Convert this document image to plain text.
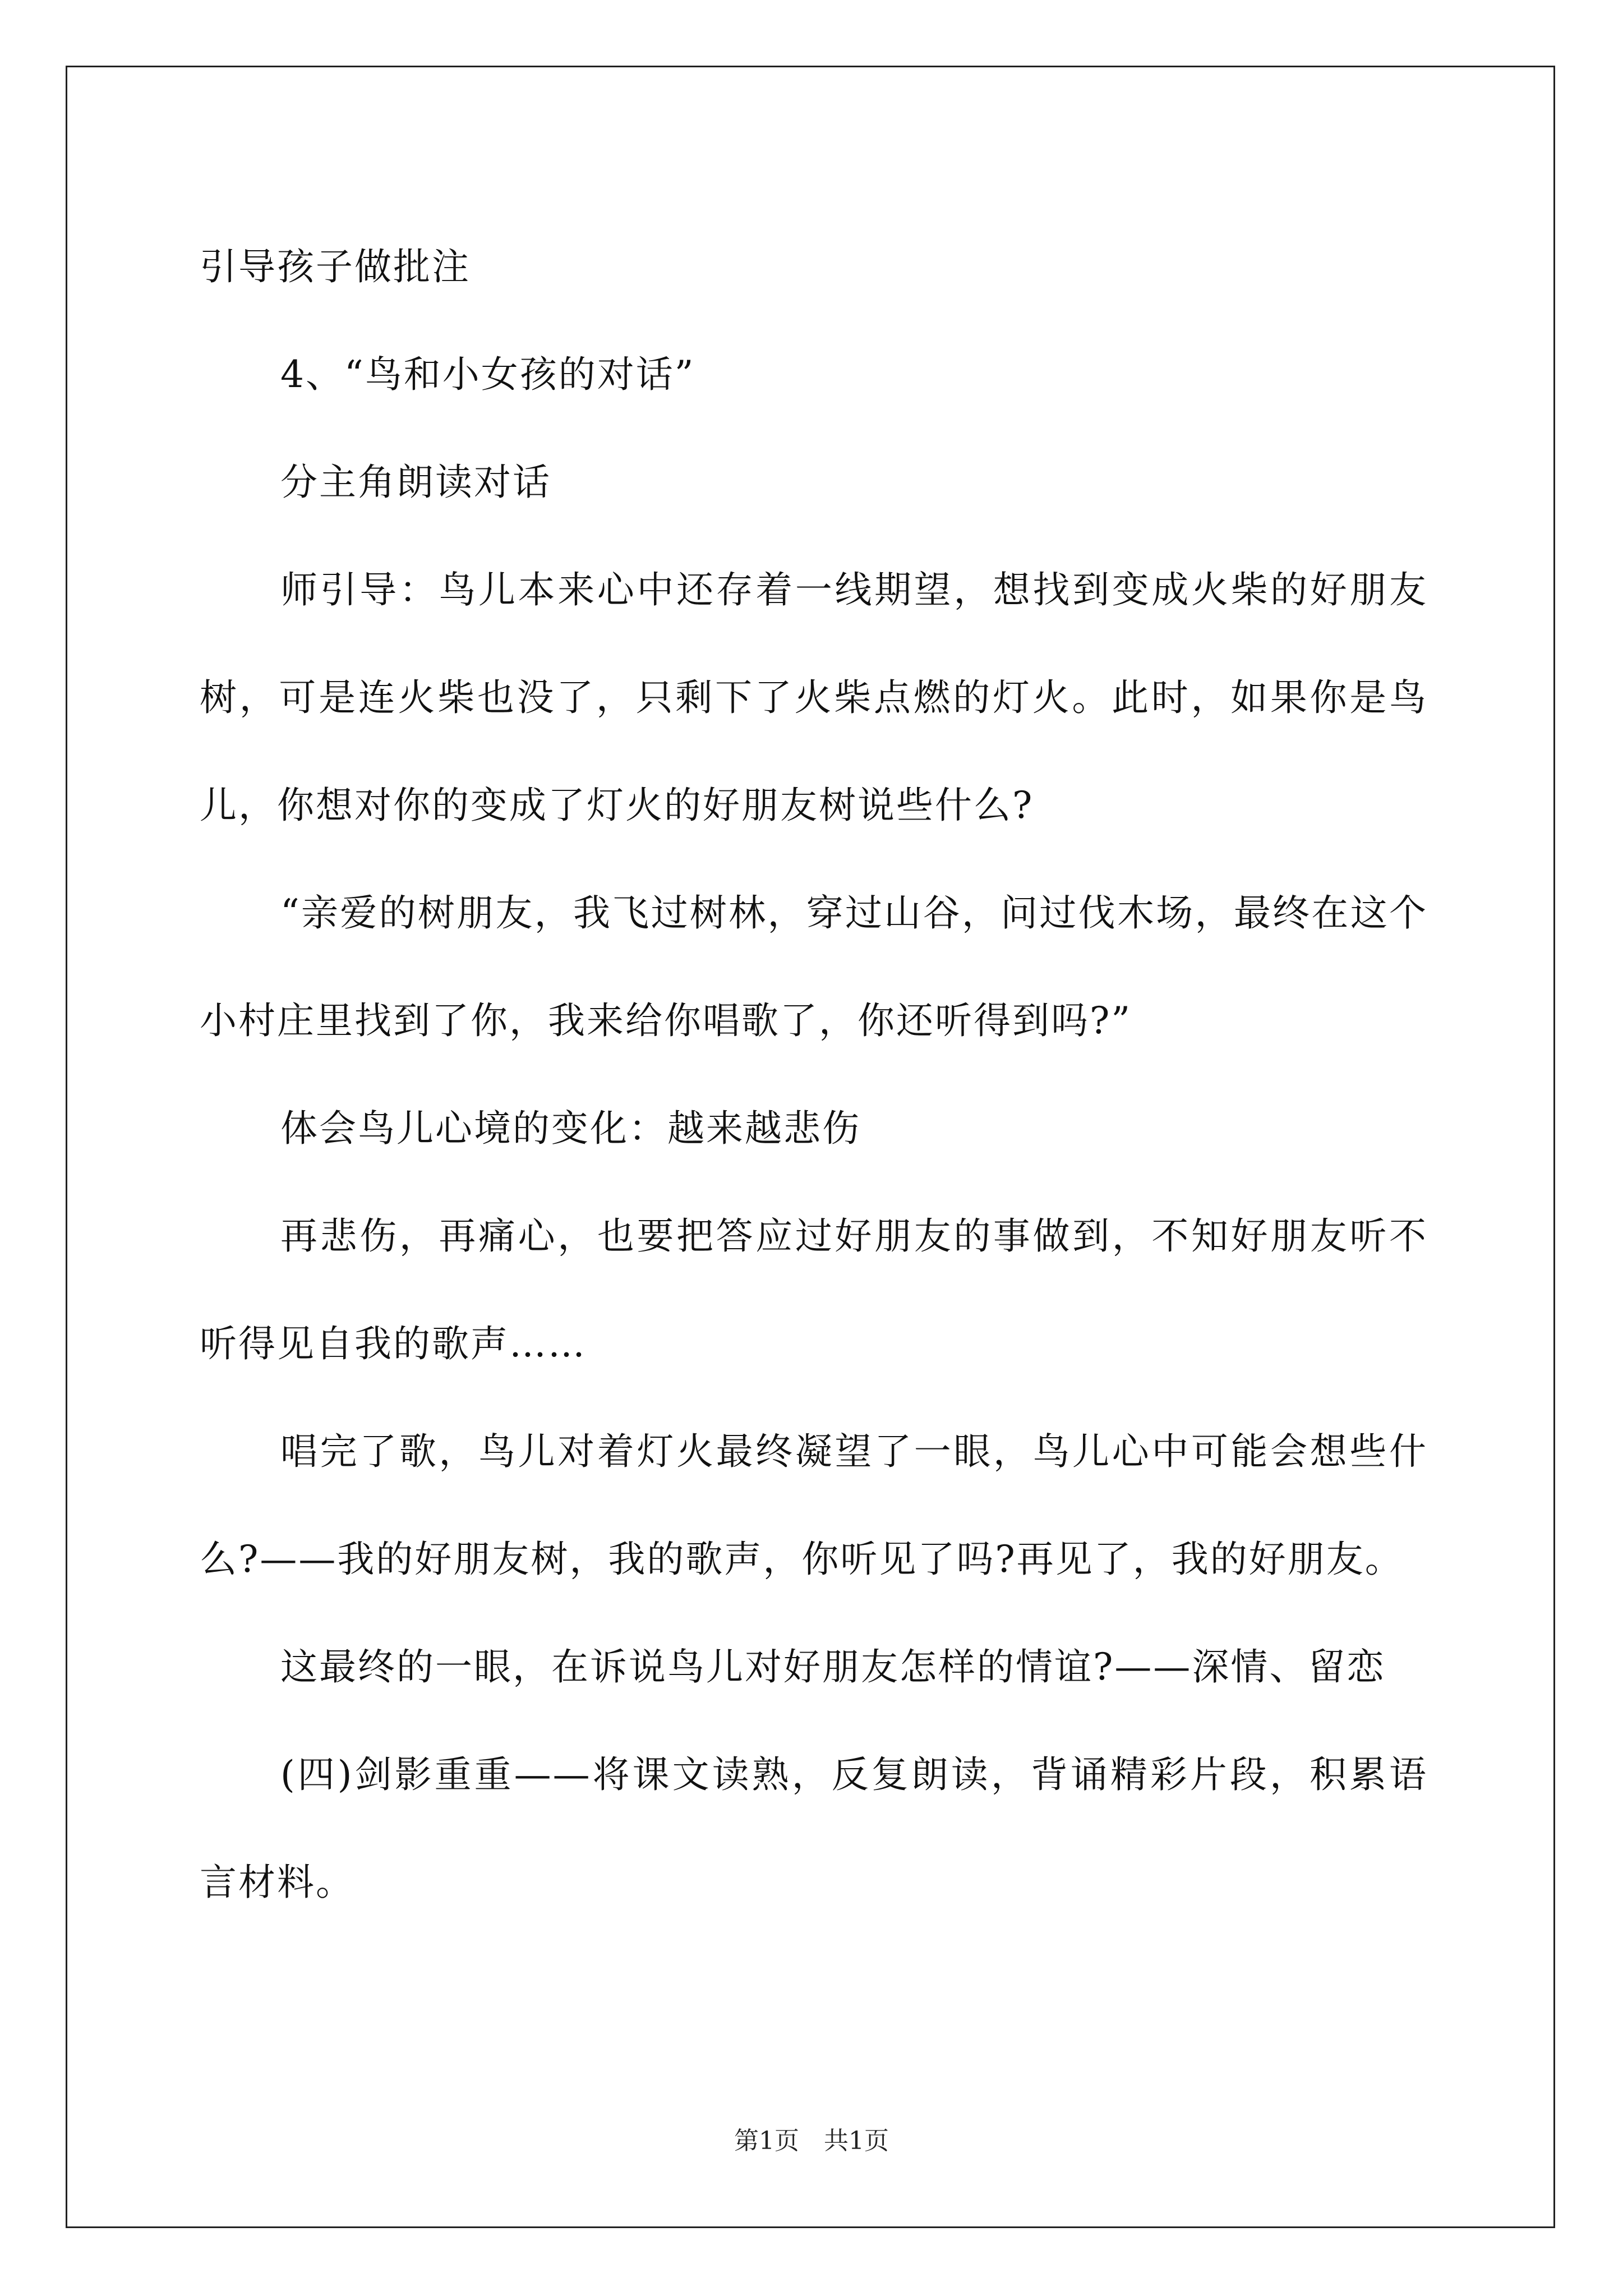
引导孩子做批注

4、“鸟和小女孩的对话”

分主角朗读对话

师引导：鸟儿本来心中还存着一线期望，想找到变成火柴的好朋友树，可是连火柴也没了，只剩下了火柴点燃的灯火。此时，如果你是鸟儿，你想对你的变成了灯火的好朋友树说些什么?

“亲爱的树朋友，我飞过树林，穿过山谷，问过伐木场，最终在这个小村庄里找到了你，我来给你唱歌了，你还听得到吗?”

体会鸟儿心境的变化：越来越悲伤

再悲伤，再痛心，也要把答应过好朋友的事做到，不知好朋友听不听得见自我的歌声……

唱完了歌，鸟儿对着灯火最终凝望了一眼，鸟儿心中可能会想些什么?——我的好朋友树，我的歌声，你听见了吗?再见了，我的好朋友。

这最终的一眼，在诉说鸟儿对好朋友怎样的情谊?——深情、留恋

(四)剑影重重——将课文读熟，反复朗读，背诵精彩片段，积累语言材料。

第1页　共1页
